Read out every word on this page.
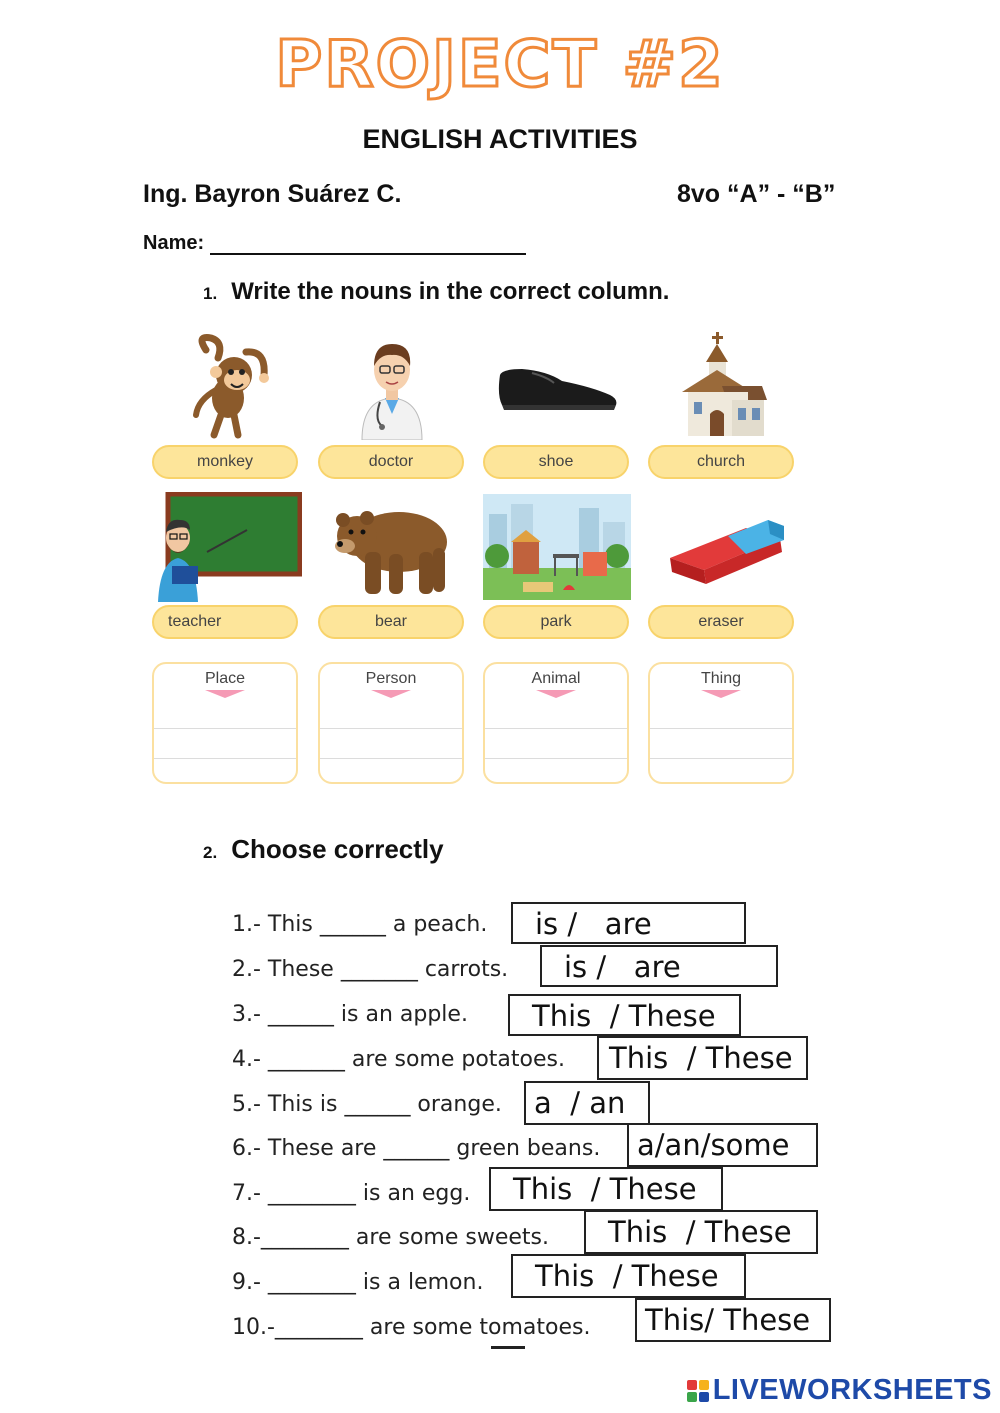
PROJECT #2
ENGLISH ACTIVITIES
Ing. Bayron Suárez C.	8vo “A” - “B”
Name:
1. Write the nouns in the correct column.
monkey	doctor	shoe	church
teacher	bear	park	eraser
Place	Person	Animal	Thing
2. Choose correctly
1.- This ______ a peach.	is /   are
2.- These _______ carrots.	is /   are
3.- ______ is an apple.	This  / These
4.- _______ are some potatoes.	This  / These
5.- This is ______ orange.	a  / an
6.- These are ______ green beans.	a/an/some
7.- ________ is an egg.	This  / These
8.-________ are some sweets.	This  / These
9.- ________ is a lemon.	This  / These
10.-________ are some tomatoes.	This/ These
LIVEWORKSHEETS
